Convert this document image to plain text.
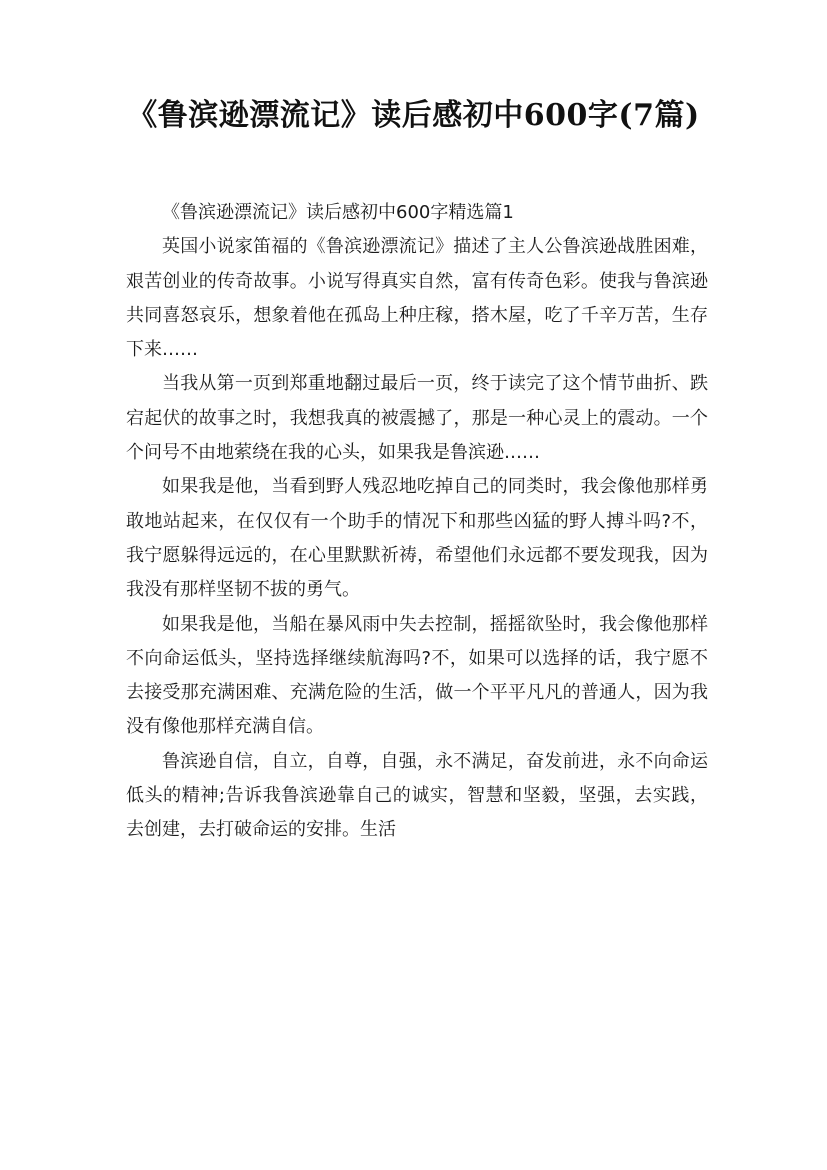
《鲁滨逊漂流记》读后感初中600字(7篇)

《鲁滨逊漂流记》读后感初中600字精选篇1

英国小说家笛福的《鲁滨逊漂流记》描述了主人公鲁滨逊战胜困难，艰苦创业的传奇故事。小说写得真实自然，富有传奇色彩。使我与鲁滨逊共同喜怒哀乐，想象着他在孤岛上种庄稼，搭木屋，吃了千辛万苦，生存下来……

当我从第一页到郑重地翻过最后一页，终于读完了这个情节曲折、跌宕起伏的故事之时，我想我真的被震撼了，那是一种心灵上的震动。一个个问号不由地萦绕在我的心头，如果我是鲁滨逊……

如果我是他，当看到野人残忍地吃掉自己的同类时，我会像他那样勇敢地站起来，在仅仅有一个助手的情况下和那些凶猛的野人搏斗吗?不，我宁愿躲得远远的，在心里默默祈祷，希望他们永远都不要发现我，因为我没有那样坚韧不拔的勇气。

如果我是他，当船在暴风雨中失去控制，摇摇欲坠时，我会像他那样不向命运低头，坚持选择继续航海吗?不，如果可以选择的话，我宁愿不去接受那充满困难、充满危险的生活，做一个平平凡凡的普通人，因为我没有像他那样充满自信。

鲁滨逊自信，自立，自尊，自强，永不满足，奋发前进，永不向命运低头的精神;告诉我鲁滨逊靠自己的诚实，智慧和坚毅，坚强，去实践，去创建，去打破命运的安排。生活
